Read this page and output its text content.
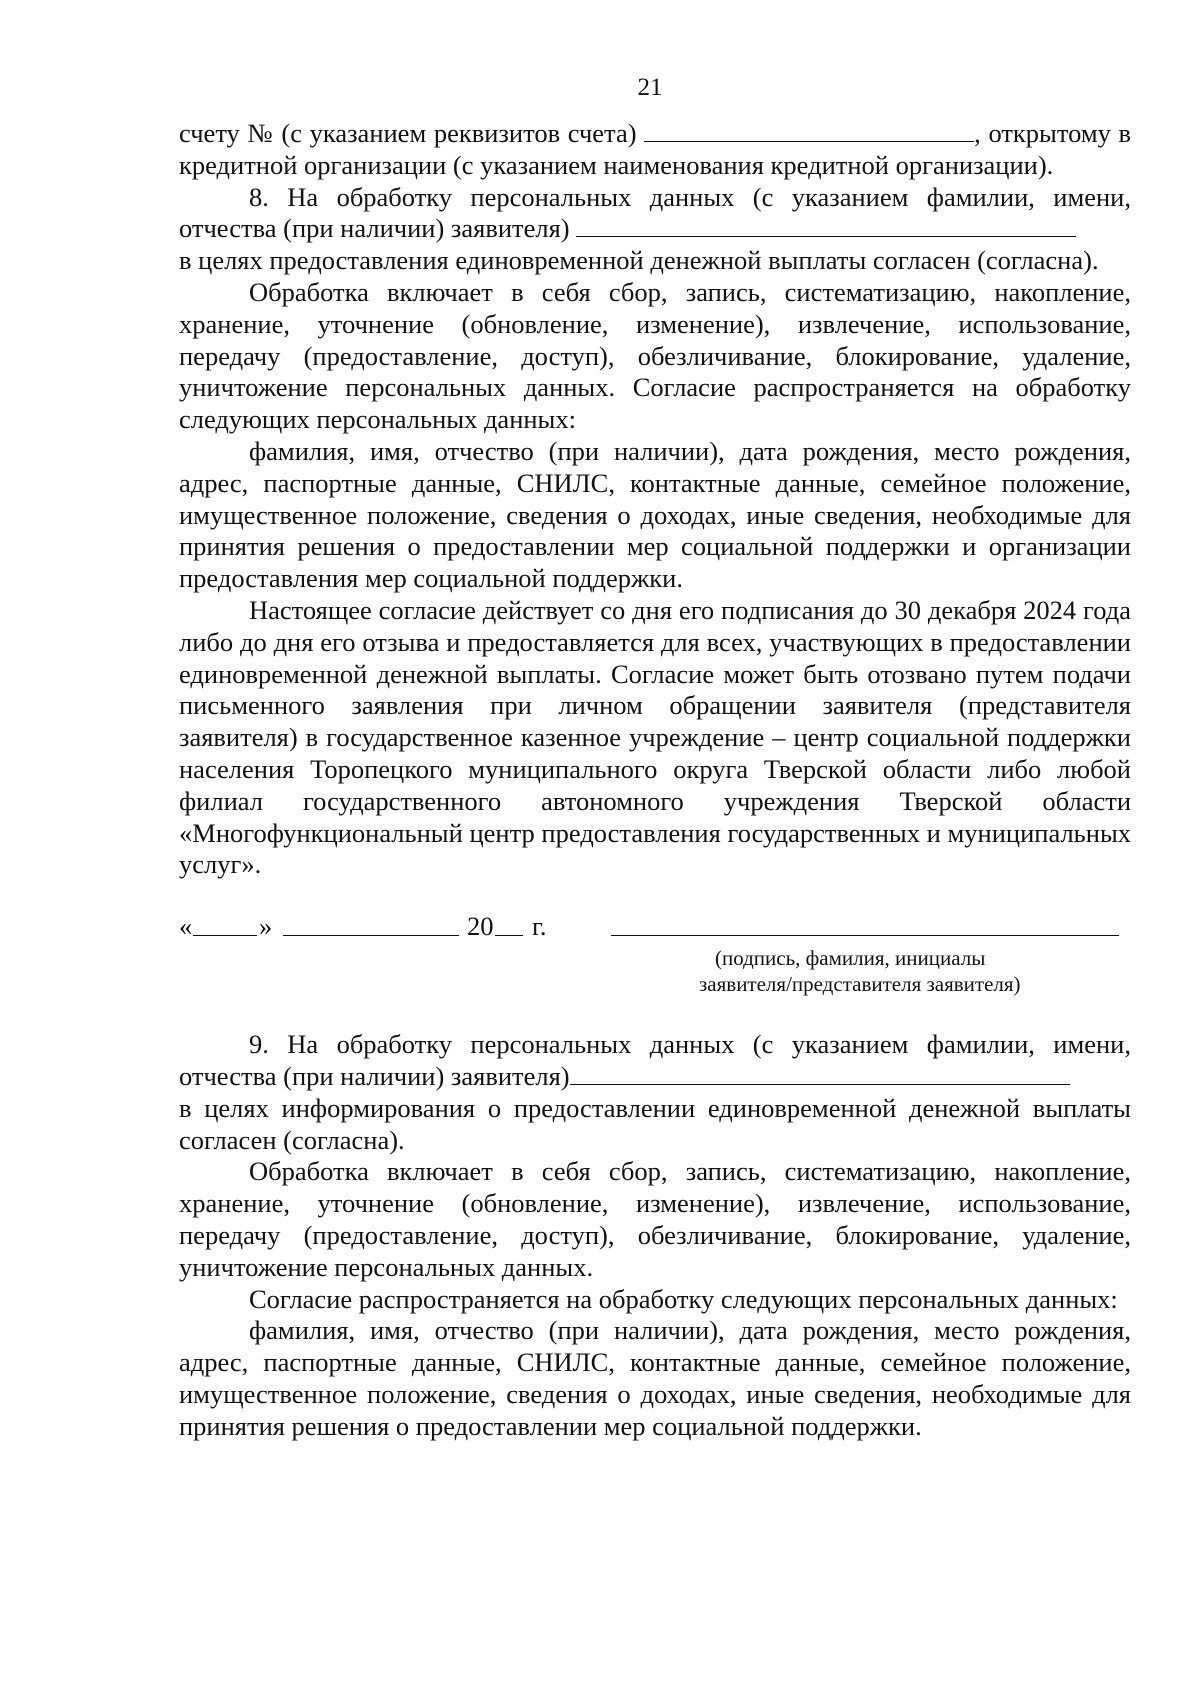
21

счету № (с указанием реквизитов счета)	, открытому в кредитной организации (с указанием наименования кредитной организации).

8. На обработку персональных данных (с указанием фамилии, имени, отчества (при наличии) заявителя)

в целях предоставления единовременной денежной выплаты согласен (согласна).

Обработка включает в себя сбор, запись, систематизацию, накопление, хранение, уточнение (обновление, изменение), извлечение, использование, передачу (предоставление, доступ), обезличивание, блокирование, удаление, уничтожение персональных данных. Согласие распространяется на обработку следующих персональных данных:

фамилия, имя, отчество (при наличии), дата рождения, место рождения, адрес, паспортные данные, СНИЛС, контактные данные, семейное положение, имущественное положение, сведения о доходах, иные сведения, необходимые для принятия решения о предоставлении мер социальной поддержки и организации предоставления мер социальной поддержки.

Настоящее согласие действует со дня его подписания до 30 декабря 2024 года либо до дня его отзыва и предоставляется для всех, участвующих в предоставлении единовременной денежной выплаты. Согласие может быть отозвано путем подачи письменного заявления при личном обращении заявителя (представителя заявителя) в государственное казенное учреждение – центр социальной поддержки населения Торопецкого муниципального округа Тверской области либо любой филиал государственного автономного учреждения Тверской области «Многофункциональный центр предоставления государственных и муниципальных услуг».

«	»	20 г.
(подпись, фамилия, инициалы
заявителя/представителя заявителя)

9. На обработку персональных данных (с указанием фамилии, имени, отчества (при наличии) заявителя)

в целях информирования о предоставлении единовременной денежной выплаты согласен (согласна).

Обработка включает в себя сбор, запись, систематизацию, накопление, хранение, уточнение (обновление, изменение), извлечение, использование, передачу (предоставление, доступ), обезличивание, блокирование, удаление, уничтожение персональных данных.

Согласие распространяется на обработку следующих персональных данных:

фамилия, имя, отчество (при наличии), дата рождения, место рождения, адрес, паспортные данные, СНИЛС, контактные данные, семейное положение, имущественное положение, сведения о доходах, иные сведения, необходимые для принятия решения о предоставлении мер социальной поддержки.
